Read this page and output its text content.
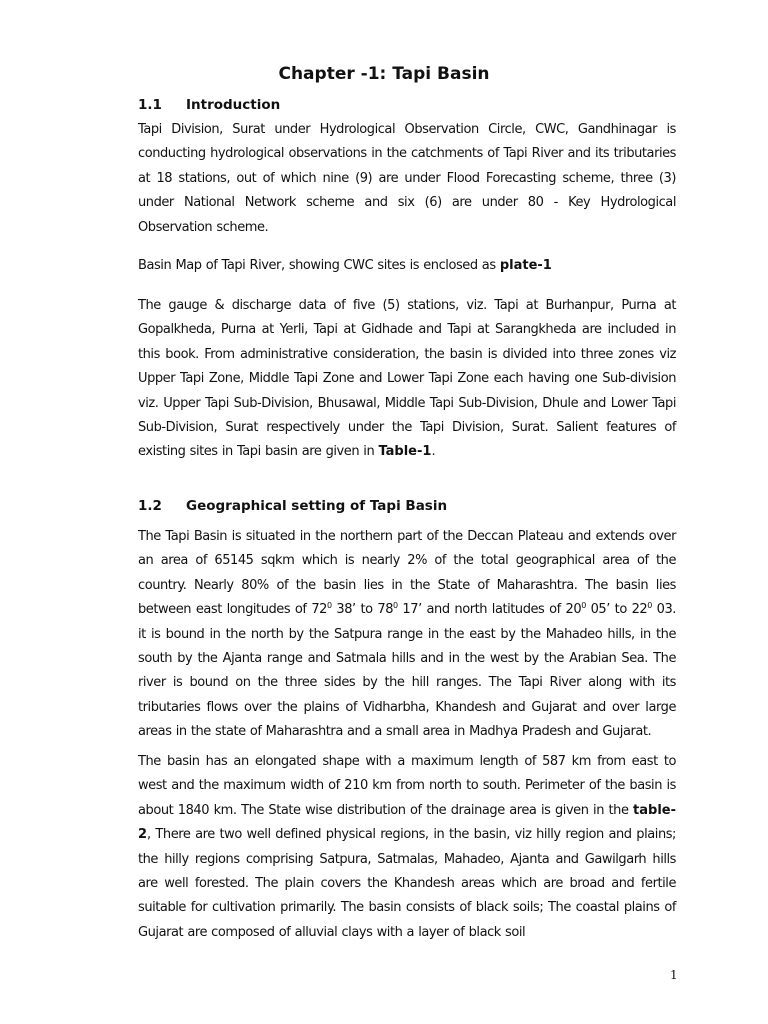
Chapter -1: Tapi Basin
1.1 Introduction

Tapi Division, Surat under Hydrological Observation Circle, CWC, Gandhinagar is conducting hydrological observations in the catchments of Tapi River and its tributaries at 18 stations, out of which nine (9) are under Flood Forecasting scheme, three (3) under National Network scheme and six (6) are under 80 - Key Hydrological Observation scheme.

Basin Map of Tapi River, showing CWC sites is enclosed as plate-1

The gauge & discharge data of five (5) stations, viz. Tapi at Burhanpur, Purna at Gopalkheda, Purna at Yerli, Tapi at Gidhade and Tapi at Sarangkheda are included in this book. From administrative consideration, the basin is divided into three zones viz Upper Tapi Zone, Middle Tapi Zone and Lower Tapi Zone each having one Sub-division viz. Upper Tapi Sub-Division, Bhusawal, Middle Tapi Sub-Division, Dhule and Lower Tapi Sub-Division, Surat respectively under the Tapi Division, Surat. Salient features of existing sites in Tapi basin are given in Table-1.

1.2 Geographical setting of Tapi Basin

The Tapi Basin is situated in the northern part of the Deccan Plateau and extends over an area of 65145 sqkm which is nearly 2% of the total geographical area of the country. Nearly 80% of the basin lies in the State of Maharashtra. The basin lies between east longitudes of $72^0$ 38’ to $78^0$ 17’ and north latitudes of $20^0$ 05’ to $22^0$ 03. it is bound in the north by the Satpura range in the east by the Mahadeo hills, in the south by the Ajanta range and Satmala hills and in the west by the Arabian Sea. The river is bound on the three sides by the hill ranges. The Tapi River along with its tributaries flows over the plains of Vidharbha, Khandesh and Gujarat and over large areas in the state of Maharashtra and a small area in Madhya Pradesh and Gujarat.

The basin has an elongated shape with a maximum length of 587 km from east to west and the maximum width of 210 km from north to south. Perimeter of the basin is about 1840 km. The State wise distribution of the drainage area is given in the table-2, There are two well defined physical regions, in the basin, viz hilly region and plains; the hilly regions comprising Satpura, Satmalas, Mahadeo, Ajanta and Gawilgarh hills are well forested. The plain covers the Khandesh areas which are broad and fertile suitable for cultivation primarily. The basin consists of black soils; The coastal plains of Gujarat are composed of alluvial clays with a layer of black soil

1
